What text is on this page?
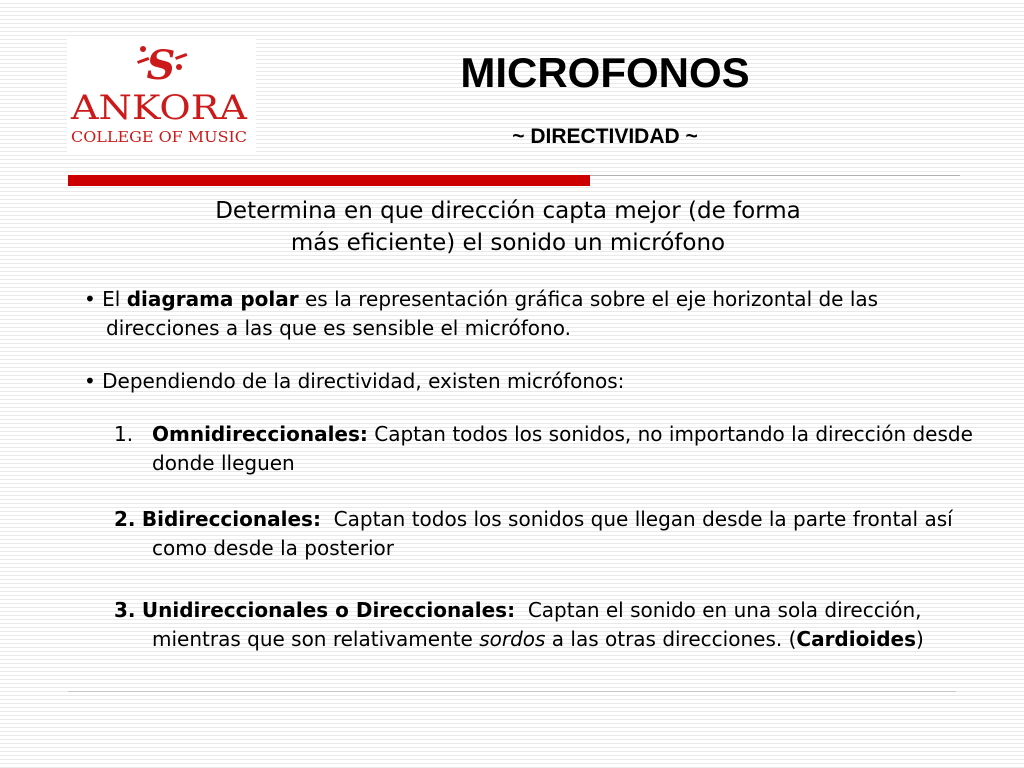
S
ANKORA
COLLEGE OF MUSIC
MICROFONOS
~ DIRECTIVIDAD ~

Determina en que dirección capta mejor (de forma
más eficiente) el sonido un micrófono

• El diagrama polar es la representación gráfica sobre el eje horizontal de las direcciones a las que es sensible el micrófono.

• Dependiendo de la directividad, existen micrófonos:

1. Omnidireccionales: Captan todos los sonidos, no importando la dirección desde donde lleguen

2. Bidireccionales: Captan todos los sonidos que llegan desde la parte frontal así como desde la posterior

3. Unidireccionales o Direccionales: Captan el sonido en una sola dirección, mientras que son relativamente sordos a las otras direcciones. (Cardioides)
